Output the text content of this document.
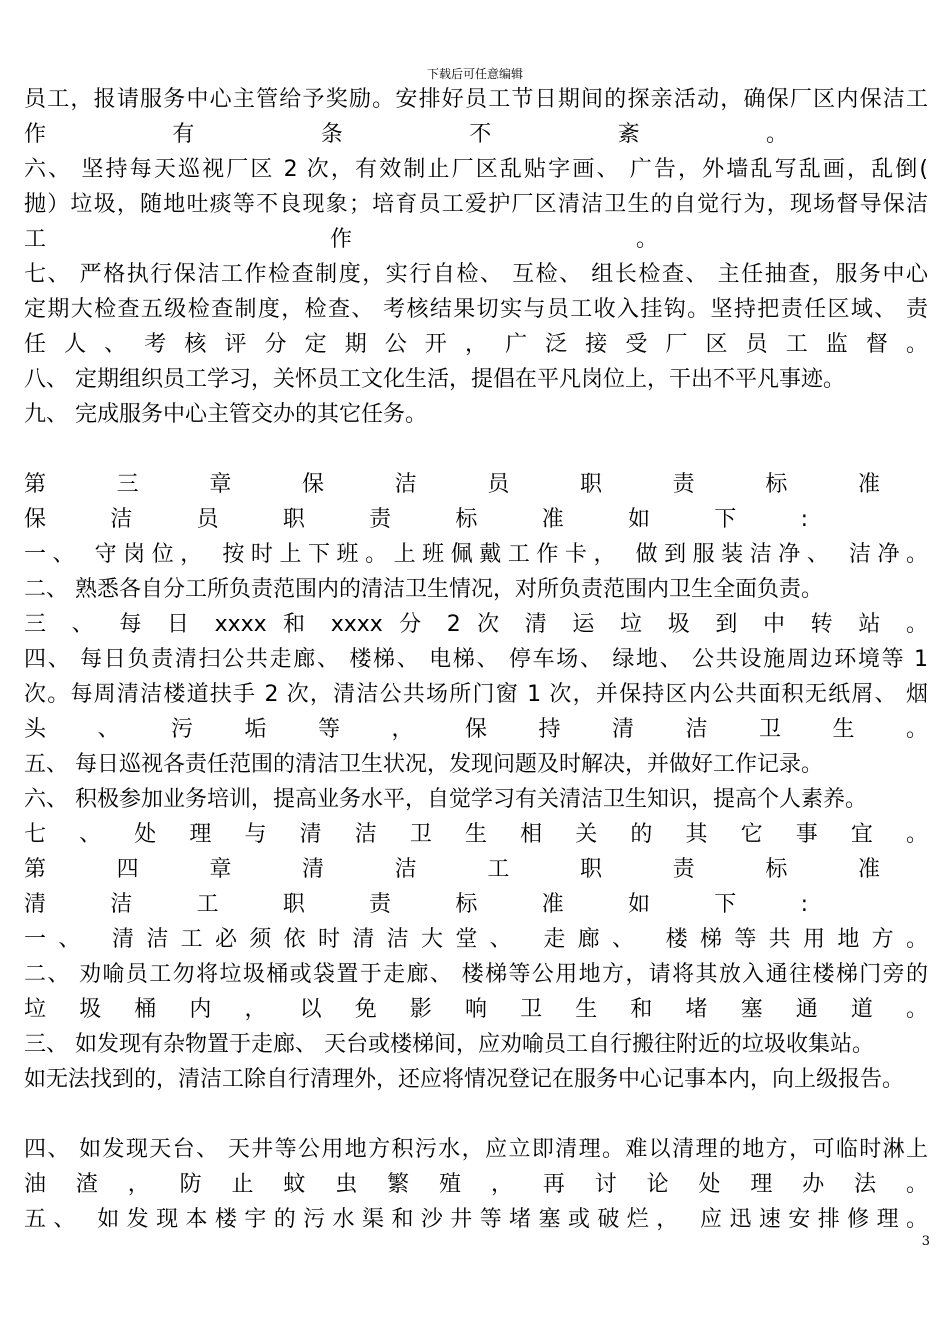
下载后可任意编辑
员工，报请服务中心主管给予奖励。安排好员工节日期间的探亲活动，确保厂区内保洁工
作 有 条 不 紊 。
六、 坚持每天巡视厂区 2 次，有效制止厂区乱贴字画、 广告，外墙乱写乱画，乱倒(
抛）垃圾，随地吐痰等不良现象；培育员工爱护厂区清洁卫生的自觉行为，现场督导保洁
工 作 。
七、 严格执行保洁工作检查制度，实行自检、 互检、 组长检查、 主任抽查，服务中心
定期大检查五级检查制度，检查、 考核结果切实与员工收入挂钩。坚持把责任区域、 责
任 人 、 考 核 评 分 定 期 公 开 ， 广 泛 接 受 厂 区 员 工 监 督 。
八、 定期组织员工学习，关怀员工文化生活，提倡在平凡岗位上，干出不平凡事迹。
九、 完成服务中心主管交办的其它任务。
第 三 章 保 洁 员 职 责 标 准
保 洁 员 职 责 标 准 如 下 :
一、 守岗位， 按时上下班。上班佩戴工作卡， 做到服装洁净、 洁净。
二、 熟悉各自分工所负责范围内的清洁卫生情况，对所负责范围内卫生全面负责。
三 、 每 日 xxxx 和 xxxx 分 2 次 清 运 垃 圾 到 中 转 站 。
四、 每日负责清扫公共走廊、 楼梯、 电梯、 停车场、 绿地、 公共设施周边环境等 1
次。每周清洁楼道扶手 2 次，清洁公共场所门窗 1 次，并保持区内公共面积无纸屑、 烟
头 、 污 垢 等 ， 保 持 清 洁 卫 生 。
五、 每日巡视各责任范围的清洁卫生状况，发现问题及时解决，并做好工作记录。
六、 积极参加业务培训，提高业务水平，自觉学习有关清洁卫生知识，提高个人素养。
七 、 处 理 与 清 洁 卫 生 相 关 的 其 它 事 宜 。
第 四 章 清 洁 工 职 责 标 准
清 洁 工 职 责 标 准 如 下 :
一、 清洁工必须依时清洁大堂、 走廊、 楼梯等共用地方。
二、 劝喻员工勿将垃圾桶或袋置于走廊、 楼梯等公用地方，请将其放入通往楼梯门旁的
垃 圾 桶 内 ， 以 免 影 响 卫 生 和 堵 塞 通 道 。
三、 如发现有杂物置于走廊、 天台或楼梯间，应劝喻员工自行搬往附近的垃圾收集站。
如无法找到的，清洁工除自行清理外，还应将情况登记在服务中心记事本内，向上级报告。
四、 如发现天台、 天井等公用地方积污水，应立即清理。难以清理的地方，可临时淋上
油 渣 ， 防 止 蚊 虫 繁 殖 ， 再 讨 论 处 理 办 法 。
五、 如发现本楼宇的污水渠和沙井等堵塞或破烂， 应迅速安排修理。
3
